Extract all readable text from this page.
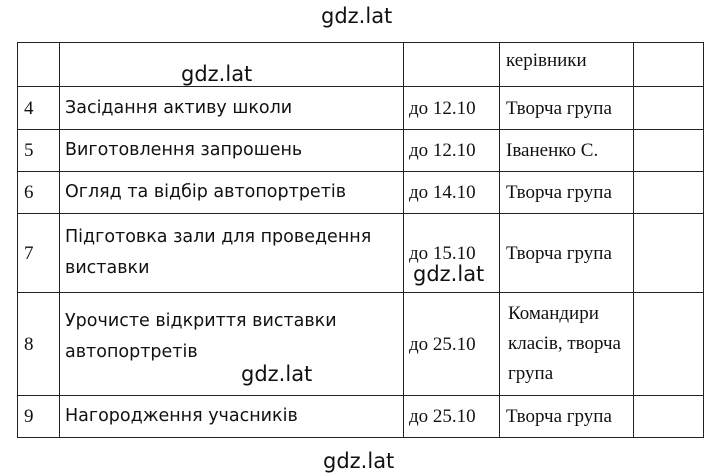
gdz.lat
			керівники	
4	Засідання активу школи	до 12.10	Творча група	
5	Виготовлення запрошень	до 12.10	Іваненко С.	
6	Огляд та відбір автопортретів	до 14.10	Творча група	
7	Підготовка зали для проведення виставки	до 15.10	Творча група	
8	Урочисте відкриття виставки автопортретів	до 25.10	Командири класів, творча група	
9	Нагородження учасників	до 25.10	Творча група	
gdz.lat
gdz.lat
gdz.lat
gdz.lat
